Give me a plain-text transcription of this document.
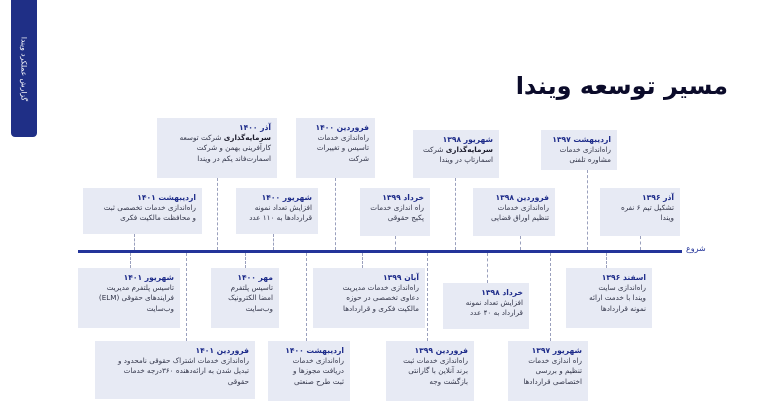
گزارش عملکرد ویندا	مسیر توسعه ویندا
شروع
آذر ۱۴۰۰
سرمایه‌گذاری شرکت توسعه
کارآفرینی بهمن و شرکت
اسمارت‌فاند یکم در ویندا
فروردین ۱۴۰۰
راه‌اندازی خدمات
تاسیس و تغییرات
شرکت
شهریور ۱۳۹۸
سرمایه‌گذاری شرکت
اسمارتاپ در ویندا
اردیبهشت ۱۳۹۷
راه‌اندازی خدمات
مشاوره تلفنی
اردیبهشت ۱۴۰۱
راه‌اندازی خدمات تخصصی ثبت
و محافظت مالکیت فکری
شهریور ۱۴۰۰
افزایش تعداد نمونه
قراردادها به ۱۱۰ عدد
خرداد ۱۳۹۹
راه اندازی خدمات
پکیج حقوقی
فروردین ۱۳۹۸
راه‌اندازی خدمات
تنظیم اوراق قضایی
آذر ۱۳۹۶
تشکیل تیم ۶ نفره
ویندا
شهریور ۱۴۰۱
تاسیس پلتفرم مدیریت
فرایندهای حقوقی (ELM)
وب‌سایت
مهر ۱۴۰۰
تاسیس پلتفرم
امضا الکترونیک
وب‌سایت
آبان ۱۳۹۹
راه‌اندازی خدمات مدیریت
دعاوی تخصصی در حوزه
مالکیت فکری و قراردادها
خرداد ۱۳۹۸
افزایش تعداد نمونه
قرارداد به ۴۰ عدد
اسفند ۱۳۹۶
راه‌اندازی سایت
ویندا با خدمت ارائه
نمونه قراردادها
فروردین ۱۴۰۱
راه‌اندازی خدمات اشتراک حقوقی نامحدود و
تبدیل شدن به ارائه‌دهنده ۳۶۰درجه خدمات
حقوقی
اردیبهشت ۱۴۰۰
راه‌اندازی خدمات
دریافت مجوزها و
ثبت طرح صنعتی
فروردین ۱۳۹۹
راه‌اندازی خدمات ثبت
برند آنلاین با گارانتی
بازگشت وجه
شهریور ۱۳۹۷
راه اندازی خدمات
تنظیم و بررسی
اختصاصی قراردادها
